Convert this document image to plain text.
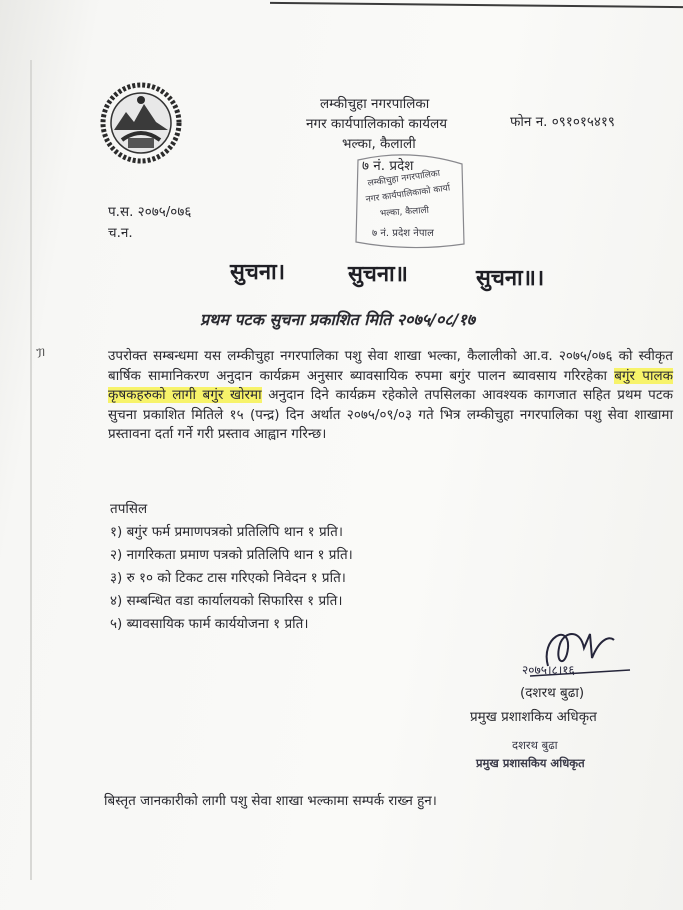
लम्कीचुहा नगरपालिका
नगर कार्यपालिकाको कार्यलय
भल्का, कैलाली
७ नं. प्रदेश
फोन न. ०९१०१५४१९
लम्कीचुहा नगरपालिका
नगर कार्यपालिकाको कार्या
भल्का, कैलाली
७ नं. प्रदेश नेपाल
प.स. २०७५/०७६
च.न.
सुचना।	सुचना॥	सुचना॥।
प्रथम पटक सुचना प्रकाशित मिति २०७५/०८/१७
ᥟ	उपरोक्त सम्बन्धमा यस लम्कीचुहा नगरपालिका पशु सेवा शाखा भल्का, कैलालीको आ.व. २०७५/०७६ को स्वीकृत बार्षिक सामानिकरण अनुदान कार्यक्रम अनुसार ब्यावसायिक रुपमा बगुंर पालन ब्यावसाय गरिरहेका बगुंर पालक कृषकहरुको लागी बगुंर खोरमा अनुदान दिने कार्यक्रम रहेकोले तपसिलका आवश्यक कागजात सहित प्रथम पटक सुचना प्रकाशित मितिले १५ (पन्द्र) दिन अर्थात २०७५/०९/०३ गते भित्र लम्कीचुहा नगरपालिका पशु सेवा शाखामा प्रस्तावना दर्ता गर्ने गरी प्रस्ताव आह्वान गरिन्छ।
तपसिल
१) बगुंर फर्म प्रमाणपत्रको प्रतिलिपि थान १ प्रति।
२) नागरिकता प्रमाण पत्रको प्रतिलिपि थान १ प्रति।
३) रु १० को टिकट टास गरिएको निवेदन १ प्रति।
४) सम्बन्धित वडा कार्यालयको सिफारिस १ प्रति।
५) ब्यावसायिक फार्म कार्ययोजना १ प्रति।
२०७५।८।१६
(दशरथ बुढा)
प्रमुख प्रशाशकिय अधिकृत
दशरथ बुढा
प्रमुख प्रशासकिय अधिकृत
बिस्तृत जानकारीको लागी पशु सेवा शाखा भल्कामा सम्पर्क राख्न हुन।
